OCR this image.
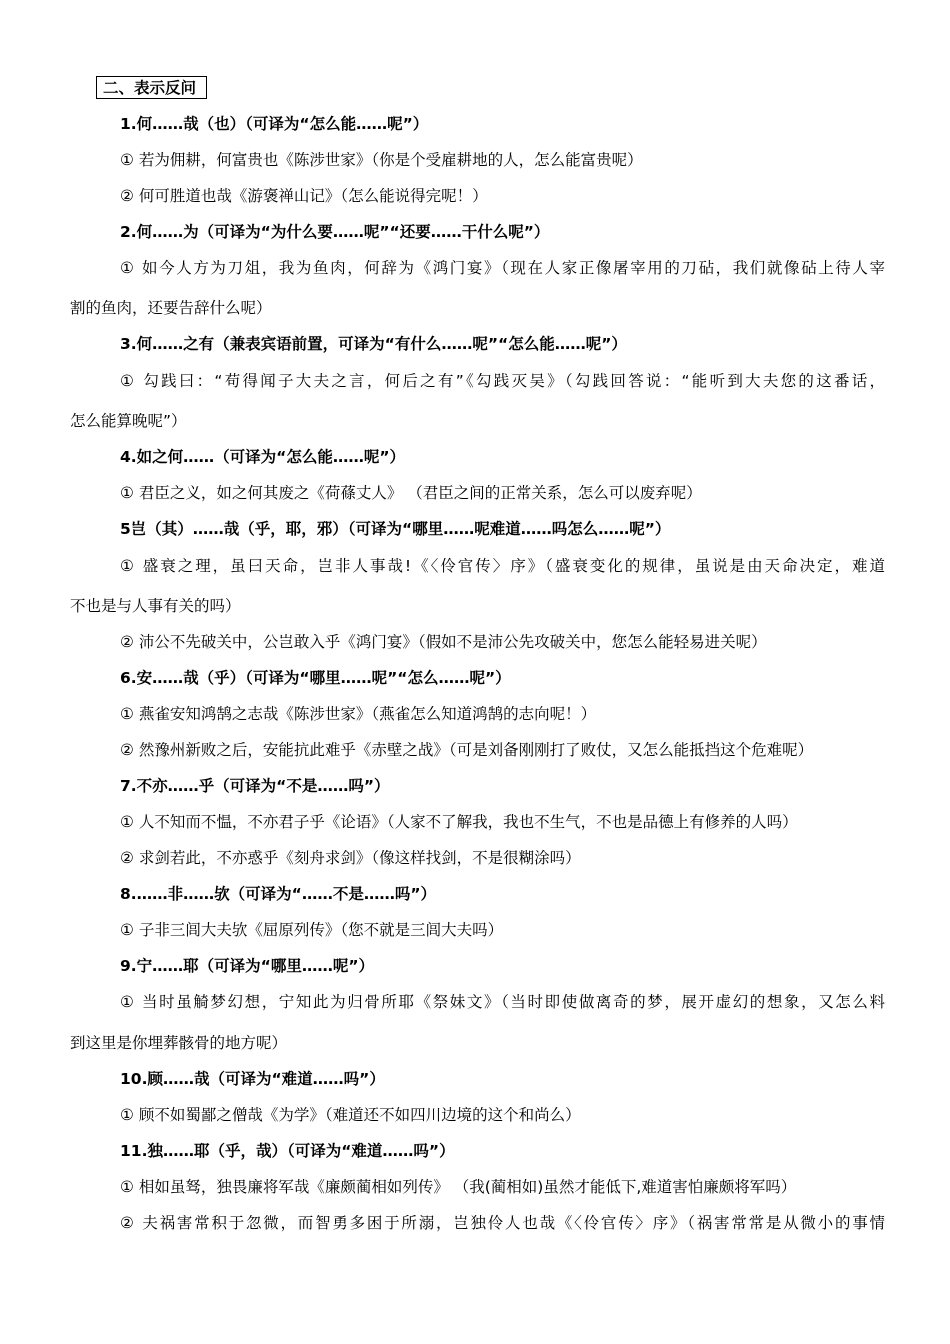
二、表示反问
1.何……哉（也）（可译为“怎么能……呢”）
① 若为佣耕，何富贵也《陈涉世家》（你是个受雇耕地的人，怎么能富贵呢）
② 何可胜道也哉《游褒禅山记》（怎么能说得完呢！）
2.何……为（可译为“为什么要……呢”“还要……干什么呢”）
① 如今人方为刀俎，我为鱼肉，何辞为《鸿门宴》（现在人家正像屠宰用的刀砧，我们就像砧上待人宰
割的鱼肉，还要告辞什么呢）
3.何……之有（兼表宾语前置，可译为“有什么……呢”“怎么能……呢”）
① 勾践曰：“苟得闻子大夫之言，何后之有”《勾践灭吴》（勾践回答说：“能听到大夫您的这番话，
怎么能算晚呢”）
4.如之何……（可译为“怎么能……呢”）
① 君臣之义，如之何其废之《荷蓧丈人》 （君臣之间的正常关系，怎么可以废弃呢）
5岂（其）……哉（乎，耶，邪）（可译为“哪里……呢难道……吗怎么……呢”）
① 盛衰之理，虽曰天命，岂非人事哉!《〈伶官传〉序》（盛衰变化的规律，虽说是由天命决定，难道
不也是与人事有关的吗）
② 沛公不先破关中，公岂敢入乎《鸿门宴》（假如不是沛公先攻破关中，您怎么能轻易进关呢）
6.安……哉（乎）（可译为“哪里……呢”“怎么……呢”）
① 燕雀安知鸿鹄之志哉《陈涉世家》（燕雀怎么知道鸿鹄的志向呢！）
② 然豫州新败之后，安能抗此难乎《赤壁之战》（可是刘备刚刚打了败仗，又怎么能抵挡这个危难呢）
7.不亦……乎（可译为“不是……吗”）
① 人不知而不愠，不亦君子乎《论语》（人家不了解我，我也不生气，不也是品德上有修养的人吗）
② 求剑若此，不亦惑乎《刻舟求剑》（像这样找剑，不是很糊涂吗）
8.……非……欤（可译为“……不是……吗”）
① 子非三闾大夫欤《屈原列传》（您不就是三闾大夫吗）
9.宁……耶（可译为“哪里……呢”）
① 当时虽觭梦幻想，宁知此为归骨所耶《祭妹文》（当时即使做离奇的梦，展开虚幻的想象，又怎么料
到这里是你埋葬骸骨的地方呢）
10.顾……哉（可译为“难道……吗”）
① 顾不如蜀鄙之僧哉《为学》（难道还不如四川边境的这个和尚么）
11.独……耶（乎，哉）（可译为“难道……吗”）
① 相如虽驽，独畏廉将军哉《廉颇蔺相如列传》 （我(蔺相如)虽然才能低下,难道害怕廉颇将军吗）
② 夫祸害常积于忽微，而智勇多困于所溺，岂独伶人也哉《〈伶官传〉序》（祸害常常是从微小的事情
